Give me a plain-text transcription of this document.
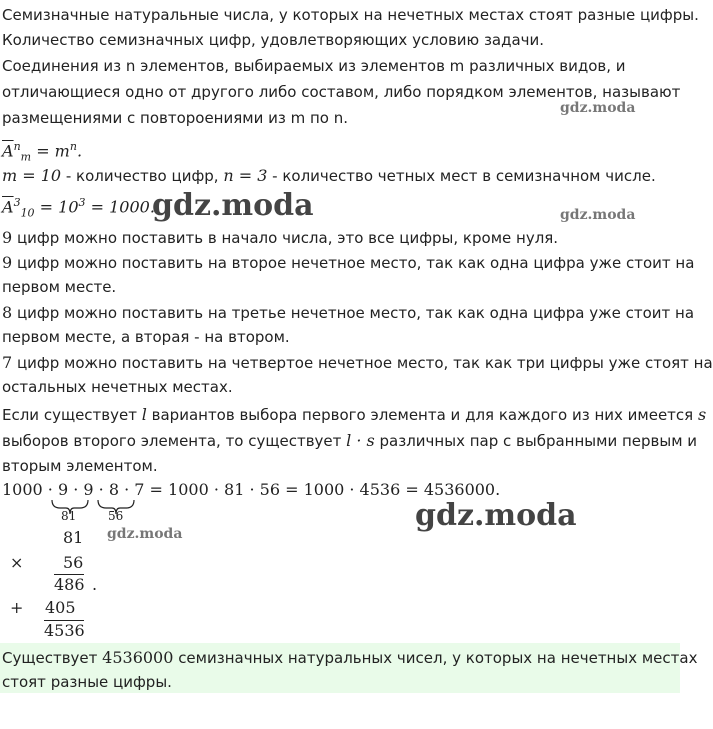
Семизначные натуральные числа, у которых на нечетных местах стоят разные цифры.
Количество семизначных цифр, удовлетворяющих условию задачи.
Соединения из n элементов, выбираемых из элементов m различных видов, и
отличающиеся одно от другого либо составом, либо порядком элементов, называют
размещениями с повтороениями из m по n.
gdz.moda
$\overline{A}^n_m = m^n$.
m = 10 - количество цифр, n = 3 - количество четных мест в семизначном числе.
$\overline{A}^3_{10} = 10^3 = 1000$.
gdz.moda	gdz.moda
9 цифр можно поставить в начало числа, это все цифры, кроме нуля.
9 цифр можно поставить на второе нечетное место, так как одна цифра уже стоит на
первом месте.
8 цифр можно поставить на третье нечетное место, так как одна цифра уже стоит на
первом месте, а вторая - на втором.
7 цифр можно поставить на четвертое нечетное место, так как три цифры уже стоят на
остальных нечетных местах.
Если существует l вариантов выбора первого элемента и для каждого из них имеется s
выборов второго элемента, то существует l · s различных пар с выбранными первым и
вторым элементом.
1000 · 9 · 9 · 8 · 7 = 1000 · 81 · 56 = 1000 · 4536 = 4536000.
81	56	gdz.moda
gdz.moda
81
× 56
486 .
+ 405
4536
Существует 4536000 семизначных натуральных чисел, у которых на нечетных местах
стоят разные цифры.
